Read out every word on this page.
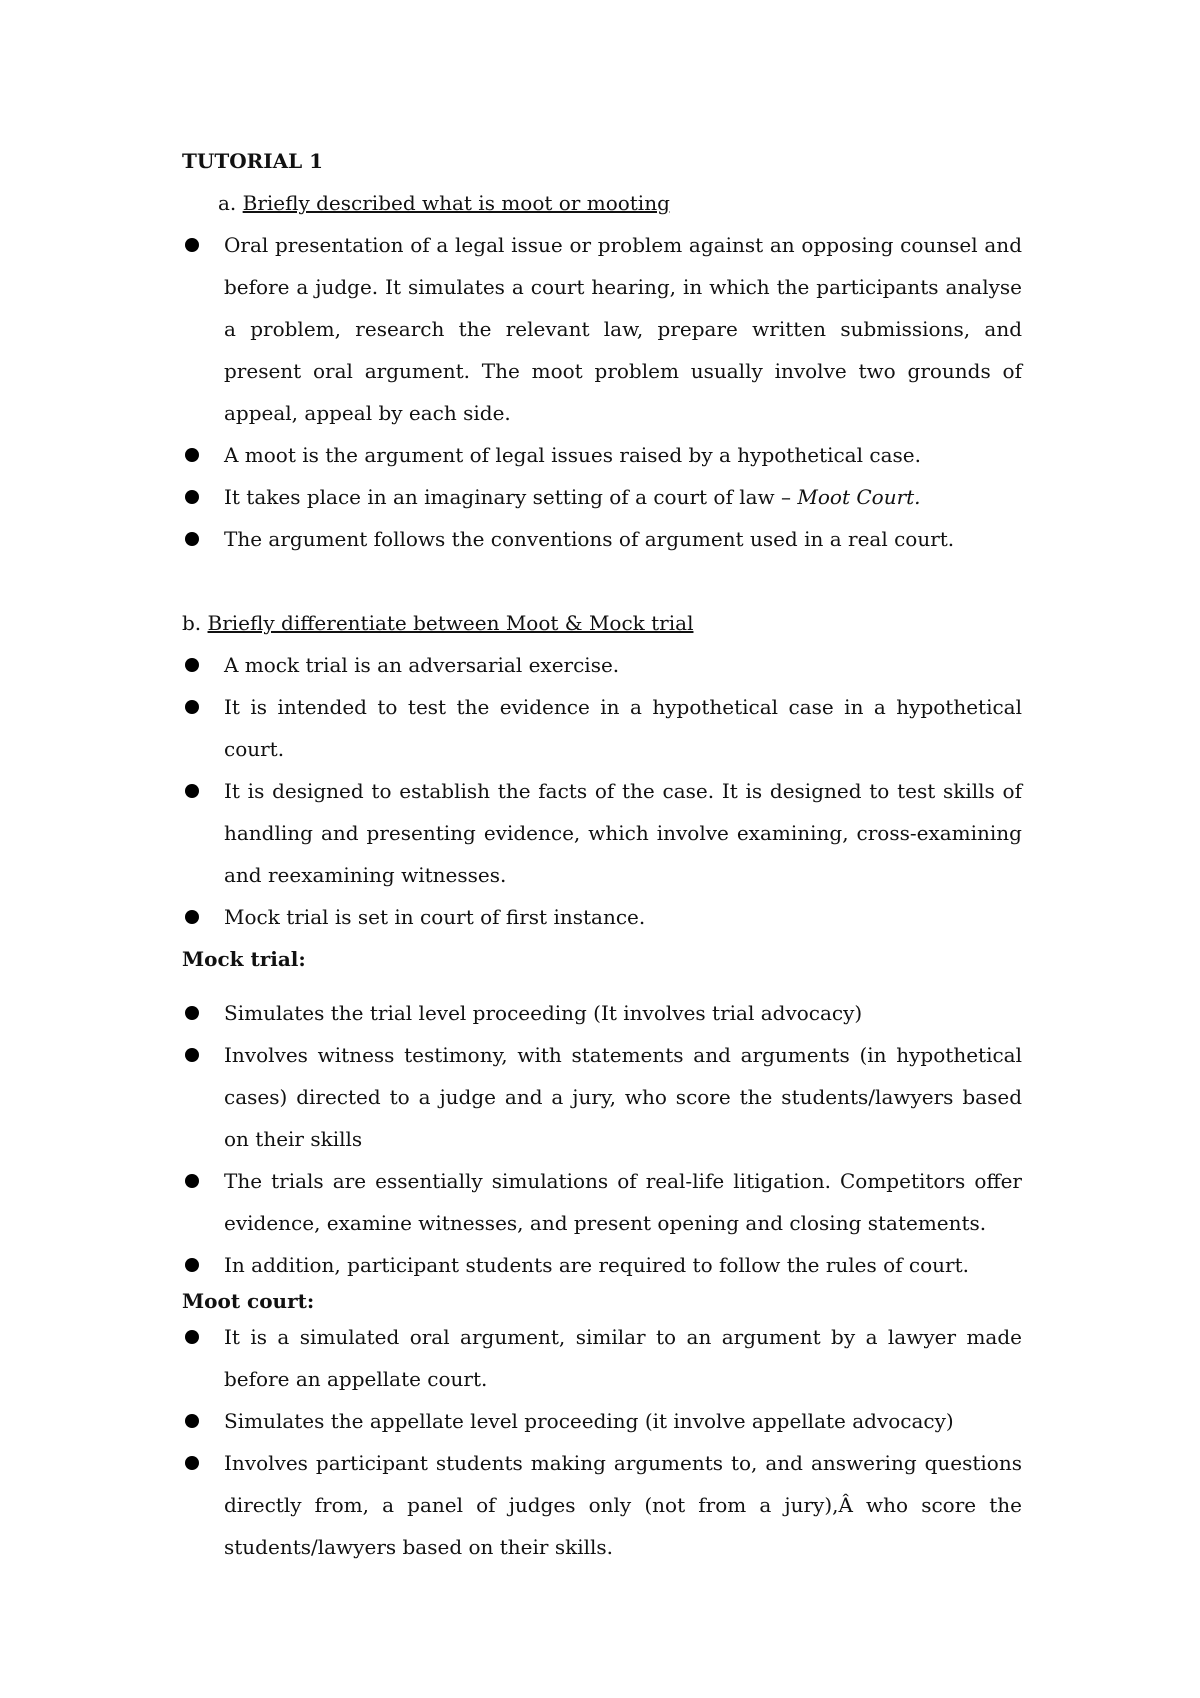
TUTORIAL 1

a. Briefly described what is moot or mooting

Oral presentation of a legal issue or problem against an opposing counsel and before a judge. It simulates a court hearing, in which the participants analyse a problem, research the relevant law, prepare written submissions, and present oral argument. The moot problem usually involve two grounds of appeal, appeal by each side.
A moot is the argument of legal issues raised by a hypothetical case.
It takes place in an imaginary setting of a court of law – Moot Court.
The argument follows the conventions of argument used in a real court.

b. Briefly differentiate between Moot & Mock trial

A mock trial is an adversarial exercise.
It is intended to test the evidence in a hypothetical case in a hypothetical court.
It is designed to establish the facts of the case. It is designed to test skills of handling and presenting evidence, which involve examining, cross-examining and reexamining witnesses.
Mock trial is set in court of first instance.

Mock trial:

Simulates the trial level proceeding (It involves trial advocacy)
Involves witness testimony, with statements and arguments (in hypothetical cases) directed to a judge and a jury, who score the students/lawyers based on their skills
The trials are essentially simulations of real-life litigation. Competitors offer evidence, examine witnesses, and present opening and closing statements.
In addition, participant students are required to follow the rules of court.

Moot court:

It is a simulated oral argument, similar to an argument by a lawyer made before an appellate court.
Simulates the appellate level proceeding (it involve appellate advocacy)
Involves participant students making arguments to, and answering questions directly from, a panel of judges only (not from a jury),Â who score the students/lawyers based on their skills.
